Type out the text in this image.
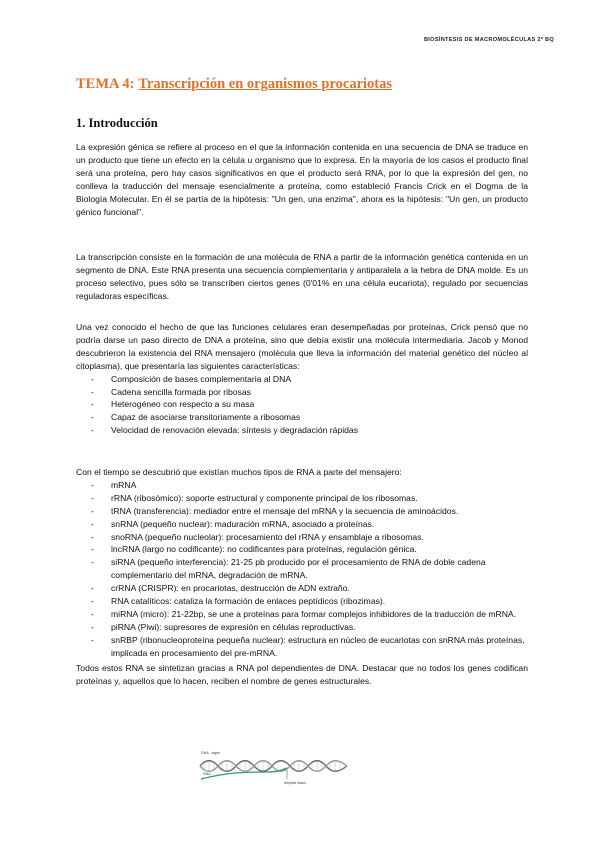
BIOSÍNTESIS DE MACROMOLÉCULAS 2º BQ
TEMA 4: Transcripción en organismos procariotas
1. Introducción

La expresión génica se refiere al proceso en el que la información contenida en una secuencia de DNA se traduce en un producto que tiene un efecto en la célula u organismo que lo expresa. En la mayoría de los casos el producto final será una proteína, pero hay casos significativos en que el producto será RNA, por lo que la expresión del gen, no conlleva la traducción del mensaje esencialmente a proteína, como estableció Francis Crick en el Dogma de la Biología Molecular. En él se partía de la hipótesis: "Un gen, una enzima", ahora es la hipótesis: "Un gen, un producto génico funcional".

La transcripción consiste en la formación de una molécula de RNA a partir de la información genética contenida en un segmento de DNA. Este RNA presenta una secuencia complementaria y antiparalela a la hebra de DNA molde. Es un proceso selectivo, pues sólo se transcriben ciertos genes (0'01% en una célula eucariota), regulado por secuencias reguladoras específicas.

Una vez conocido el hecho de que las funciones celulares eran desempeñadas por proteínas, Crick pensó que no podría darse un paso directo de DNA a proteína, sino que debía existir una molécula intermediaria. Jacob y Monod descubrieron la existencia del RNA mensajero (molécula que lleva la información del material genético del núcleo al citoplasma), que presentaría las siguientes características:

- Composición de bases complementaria al DNA
- Cadena sencilla formada por ribosas
- Heterogéneo con respecto a su masa
- Capaz de asociarse transitoriamente a ribosomas
- Velocidad de renovación elevada: síntesis y degradación rápidas

Con el tiempo se descubrió que existían muchos tipos de RNA a parte del mensajero:

- mRNA
- rRNA (ribosómico): soporte estructural y componente principal de los ribosomas.
- tRNA (transferencia): mediador entre el mensaje del mRNA y la secuencia de aminoácidos.
- snRNA (pequeño nuclear): maduración mRNA, asociado a proteínas.
- snoRNA (pequeño nucleolar): procesamiento del rRNA y ensamblaje a ribosomas.
- lncRNA (largo no codificante): no codificantes para proteínas, regulación génica.
- siRNA (pequeño interferencia): 21-25 pb producido por el procesamiento de RNA de doble cadena complementario del mRNA, degradación de mRNA.
- crRNA (CRISPR): en procariotas, destrucción de ADN extraño.
- RNA catalíticos: cataliza la formación de enlaces peptídicos (ribozimas).
- miRNA (micro): 21-22bp, se une a proteínas para formar complejos inhibidores de la traducción de mRNA.
- piRNA (Piwi): supresores de expresión en células reproductivas.
- snRBP (ribonucleoproteína pequeña nuclear): estructura en núcleo de eucariotas con snRNA más proteínas, implicada en procesamiento del pre-mRNA.

Todos estos RNA se sintetizan gracias a RNA pol dependientes de DNA. Destacar que no todos los genes codifican proteínas y, aquellos que lo hacen, reciben el nombre de genes estructurales.

DNA - lagen
RNA
template strand
